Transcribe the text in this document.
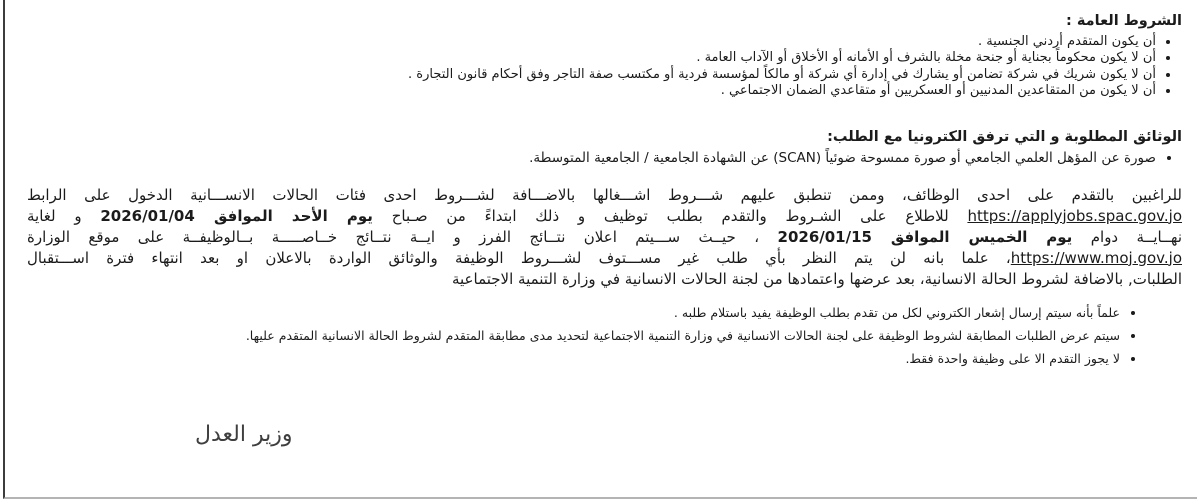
الشروط العامة :
• أن يكون المتقدم أردني الجنسية .
• أن لا يكون محكوماً بجناية أو جنحة مخلة بالشرف أو الأمانه أو الأخلاق أو الآداب العامة .
• أن لا يكون شريك في شركة تضامن أو يشارك في إدارة أي شركة أو مالكاً لمؤسسة فردية أو مكتسب صفة التاجر وفق أحكام قانون التجارة .
• أن لا يكون من المتقاعدين المدنيين أو العسكريين أو متقاعدي الضمان الاجتماعي .
الوثائق المطلوبة و التي ترفق الكترونيا مع الطلب:
• صورة عن المؤهل العلمي الجامعي أو صورة ممسوحة ضوئياً (SCAN) عن الشهادة الجامعية / الجامعية المتوسطة.
للراغبين بالتقدم على احدى الوظائف، وممن تنطبق عليهم شـــروط اشـــغالها بالاضـــافة لشـــروط احدى فئات الحالات الانســـانية الدخول على الرابط
https://applyjobs.spac.gov.jo للاطلاع على الشـروط والتقدم بطلب توظيف و ذلك ابتداءً من صـباح يوم الأحد الموافق 2026/01/04 و لغاية
نهــايــة دوام يوم الخميس الموافق 2026/01/15 ، حيــث ســـيتم اعلان نتــائج الفرز و ايــة نتــائج خــاصـــــة بــالوظيفــة على موقع الوزارة
https://www.moj.gov.jo، علما بانه لن يتم النظر بأي طلب غير مســـتوف لشـــروط الوظيفة والوثائق الواردة بالاعلان او بعد انتهاء فترة اســـتقبال
الطلبات, بالاضافة لشروط الحالة الانسانية، بعد عرضها واعتمادها من لجنة الحالات الانسانية في وزارة التنمية الاجتماعية
• علماً بأنه سيتم إرسال إشعار الكتروني لكل من تقدم بطلب الوظيفة يفيد باستلام طلبه .
• سيتم عرض الطلبات المطابقة لشروط الوظيفة على لجنة الحالات الانسانية في وزارة التنمية الاجتماعية لتحديد مدى مطابقة المتقدم لشروط الحالة الانسانية المتقدم عليها.
• لا يجوز التقدم الا على وظيفة واحدة فقط.
وزير العدل
